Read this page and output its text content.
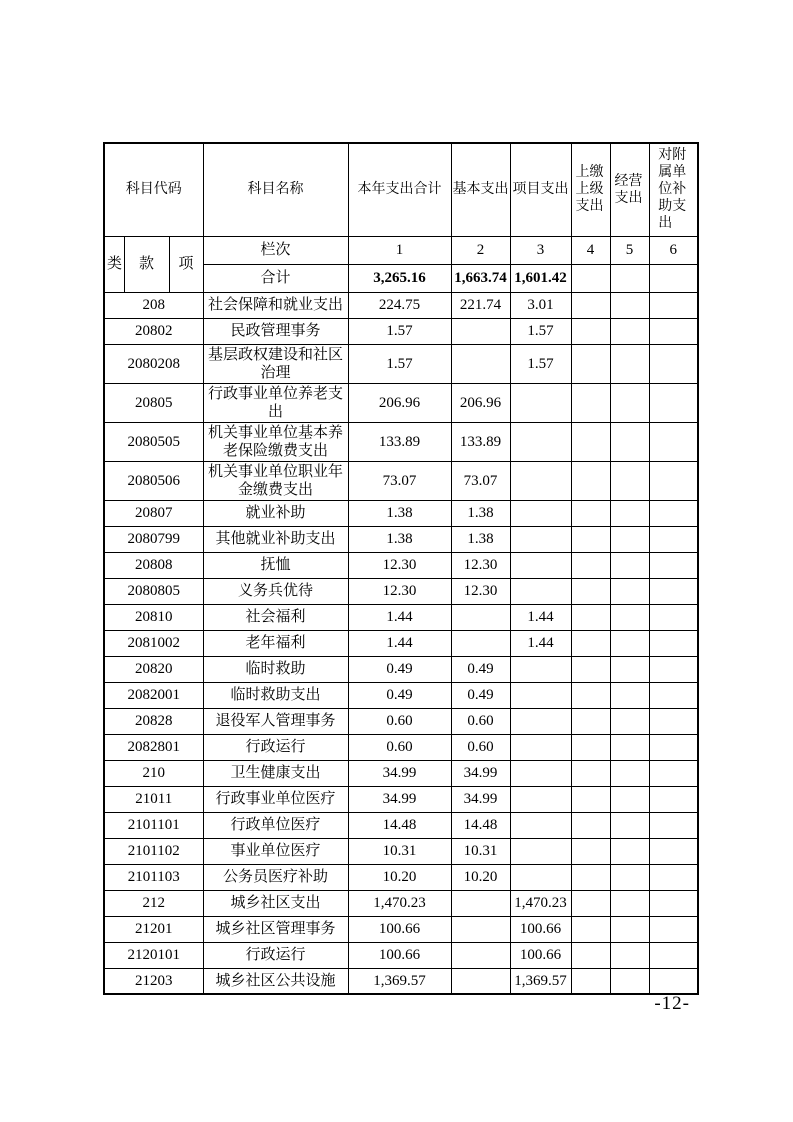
科目代码			科目名称	本年支出合计	基本支出	项目支出	上缴上级支出	经营支出	对附属单位补助支出

类	款	项	栏次	1	2	3	4	5	6
			合计	3,265.16	1,663.74	1,601.42			
208			社会保障和就业支出	224.75	221.74	3.01			
20802			民政管理事务	1.57		1.57			
2080208			基层政权建设和社区治理	1.57		1.57			
20805			行政事业单位养老支出	206.96	206.96				
2080505			机关事业单位基本养老保险缴费支出	133.89	133.89				
2080506			机关事业单位职业年金缴费支出	73.07	73.07				
20807			就业补助	1.38	1.38				
2080799			其他就业补助支出	1.38	1.38				
20808			抚恤	12.30	12.30				
2080805			义务兵优待	12.30	12.30				
20810			社会福利	1.44		1.44			
2081002			老年福利	1.44		1.44			
20820			临时救助	0.49	0.49				
2082001			临时救助支出	0.49	0.49				
20828			退役军人管理事务	0.60	0.60				
2082801			行政运行	0.60	0.60				
210			卫生健康支出	34.99	34.99				
21011			行政事业单位医疗	34.99	34.99				
2101101			行政单位医疗	14.48	14.48				
2101102			事业单位医疗	10.31	10.31				
2101103			公务员医疗补助	10.20	10.20				
212			城乡社区支出	1,470.23		1,470.23			
21201			城乡社区管理事务	100.66		100.66			
2120101			行政运行	100.66		100.66			
21203			城乡社区公共设施	1,369.57		1,369.57			
-12-
